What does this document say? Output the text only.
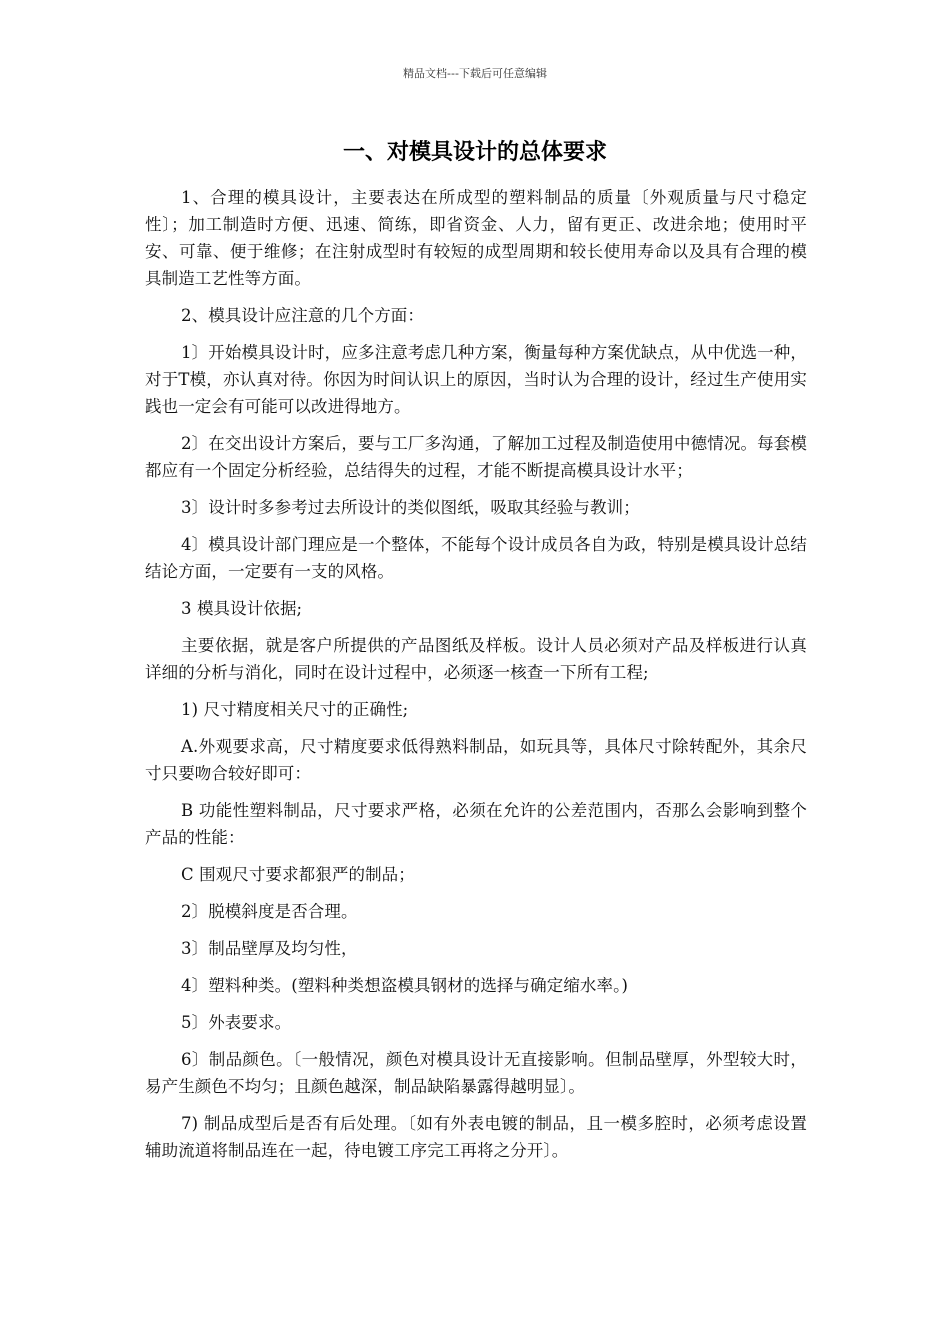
精品文档---下载后可任意编辑
一、对模具设计的总体要求

1、合理的模具设计，主要表达在所成型的塑料制品的质量〔外观质量与尺寸稳定性〕；加工制造时方便、迅速、简练，即省资金、人力，留有更正、改进余地；使用时平安、可靠、便于维修；在注射成型时有较短的成型周期和较长使用寿命以及具有合理的模具制造工艺性等方面。

2、模具设计应注意的几个方面：

1〕开始模具设计时，应多注意考虑几种方案，衡量每种方案优缺点，从中优选一种，对于T模，亦认真对待。你因为时间认识上的原因，当时认为合理的设计，经过生产使用实践也一定会有可能可以改进得地方。

2〕在交出设计方案后，要与工厂多沟通，了解加工过程及制造使用中德情况。每套模都应有一个固定分析经验，总结得失的过程，才能不断提高模具设计水平；

3〕设计时多参考过去所设计的类似图纸，吸取其经验与教训；

4〕模具设计部门理应是一个整体，不能每个设计成员各自为政，特别是模具设计总结结论方面，一定要有一支的风格。

3 模具设计依据;

主要依据，就是客户所提供的产品图纸及样板。设计人员必须对产品及样板进行认真详细的分析与消化，同时在设计过程中，必须逐一核查一下所有工程;

1) 尺寸精度相关尺寸的正确性;

A.外观要求高，尺寸精度要求低得熟料制品，如玩具等，具体尺寸除转配外，其余尺寸只要吻合较好即可：

B 功能性塑料制品，尺寸要求严格，必须在允许的公差范围内，否那么会影响到整个产品的性能：

C 围观尺寸要求都狠严的制品；

2〕脱模斜度是否合理。

3〕制品壁厚及均匀性，

4〕塑料种类。(塑料种类想盗模具钢材的选择与确定缩水率。)

5〕外表要求。

6〕制品颜色。〔一般情况，颜色对模具设计无直接影响。但制品壁厚，外型较大时，易产生颜色不均匀；且颜色越深，制品缺陷暴露得越明显〕。

7) 制品成型后是否有后处理。〔如有外表电镀的制品，且一模多腔时，必须考虑设置辅助流道将制品连在一起，待电镀工序完工再将之分开〕。
